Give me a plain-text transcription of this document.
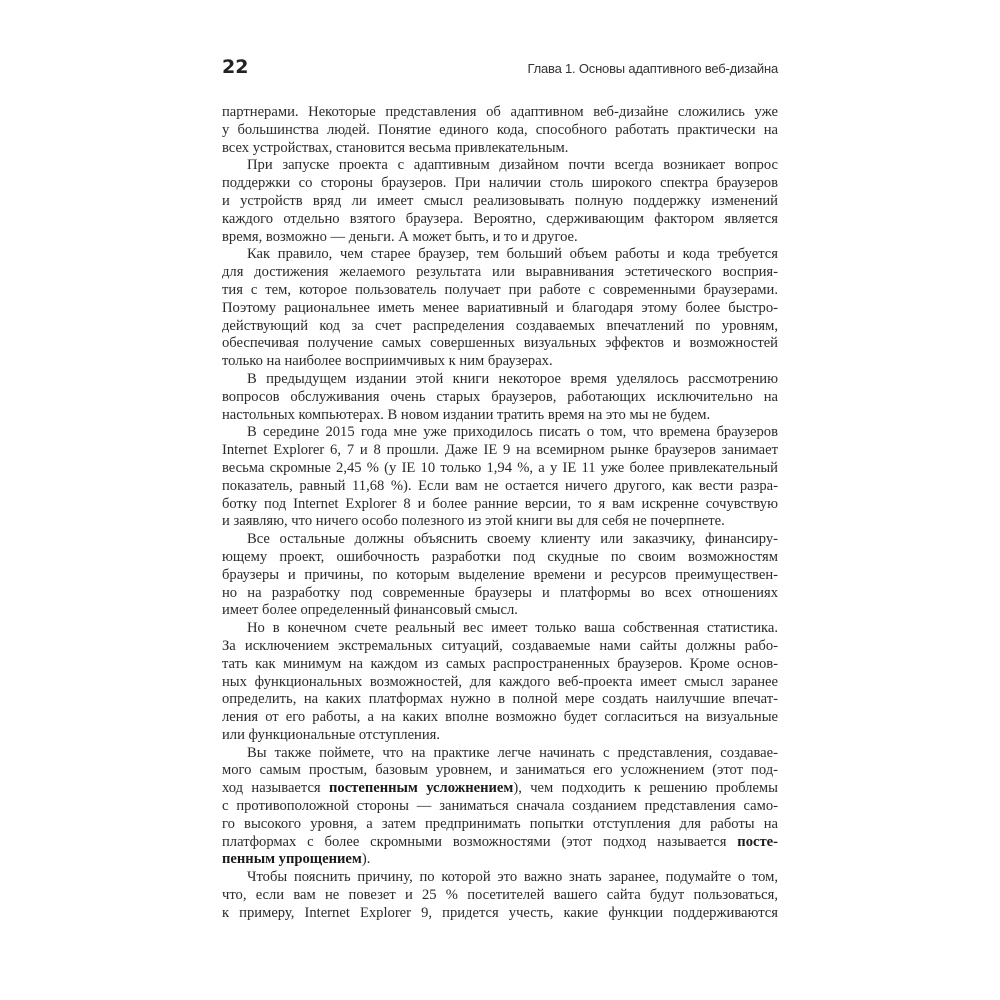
22	Глава 1. Основы адаптивного веб-дизайна
партнерами. Некоторые представления об адаптивном веб-дизайне сложились уже
у большинства людей. Понятие единого кода, способного работать практически на
всех устройствах, становится весьма привлекательным.
При запуске проекта с адаптивным дизайном почти всегда возникает вопрос
поддержки со стороны браузеров. При наличии столь широкого спектра браузеров
и устройств вряд ли имеет смысл реализовывать полную поддержку изменений
каждого отдельно взятого браузера. Вероятно, сдерживающим фактором является
время, возможно — деньги. А может быть, и то и другое.
Как правило, чем старее браузер, тем больший объем работы и кода требуется
для достижения желаемого результата или выравнивания эстетического восприя-
тия с тем, которое пользователь получает при работе с современными браузерами.
Поэтому рациональнее иметь менее вариативный и благодаря этому более быстро-
действующий код за счет распределения создаваемых впечатлений по уровням,
обеспечивая получение самых совершенных визуальных эффектов и возможностей
только на наиболее восприимчивых к ним браузерах.
В предыдущем издании этой книги некоторое время уделялось рассмотрению
вопросов обслуживания очень старых браузеров, работающих исключительно на
настольных компьютерах. В новом издании тратить время на это мы не будем.
В середине 2015 года мне уже приходилось писать о том, что времена браузеров
Internet Explorer 6, 7 и 8 прошли. Даже IE 9 на всемирном рынке браузеров занимает
весьма скромные 2,45 % (у IE 10 только 1,94 %, а у IE 11 уже более привлекательный
показатель, равный 11,68 %). Если вам не остается ничего другого, как вести разра-
ботку под Internet Explorer 8 и более ранние версии, то я вам искренне сочувствую
и заявляю, что ничего особо полезного из этой книги вы для себя не почерпнете.
Все остальные должны объяснить своему клиенту или заказчику, финансиру-
ющему проект, ошибочность разработки под скудные по своим возможностям
браузеры и причины, по которым выделение времени и ресурсов преимуществен-
но на разработку под современные браузеры и платформы во всех отношениях
имеет более определенный финансовый смысл.
Но в конечном счете реальный вес имеет только ваша собственная статистика.
За исключением экстремальных ситуаций, создаваемые нами сайты должны рабо-
тать как минимум на каждом из самых распространенных браузеров. Кроме основ-
ных функциональных возможностей, для каждого веб-проекта имеет смысл заранее
определить, на каких платформах нужно в полной мере создать наилучшие впечат-
ления от его работы, а на каких вполне возможно будет согласиться на визуальные
или функциональные отступления.
Вы также поймете, что на практике легче начинать с представления, создавае-
мого самым простым, базовым уровнем, и заниматься его усложнением (этот под-
ход называется постепенным усложнением), чем подходить к решению проблемы
с противоположной стороны — заниматься сначала созданием представления само-
го высокого уровня, а затем предпринимать попытки отступления для работы на
платформах с более скромными возможностями (этот подход называется посте-
пенным упрощением).
Чтобы пояснить причину, по которой это важно знать заранее, подумайте о том,
что, если вам не повезет и 25 % посетителей вашего сайта будут пользоваться,
к примеру, Internet Explorer 9, придется учесть, какие функции поддерживаются
